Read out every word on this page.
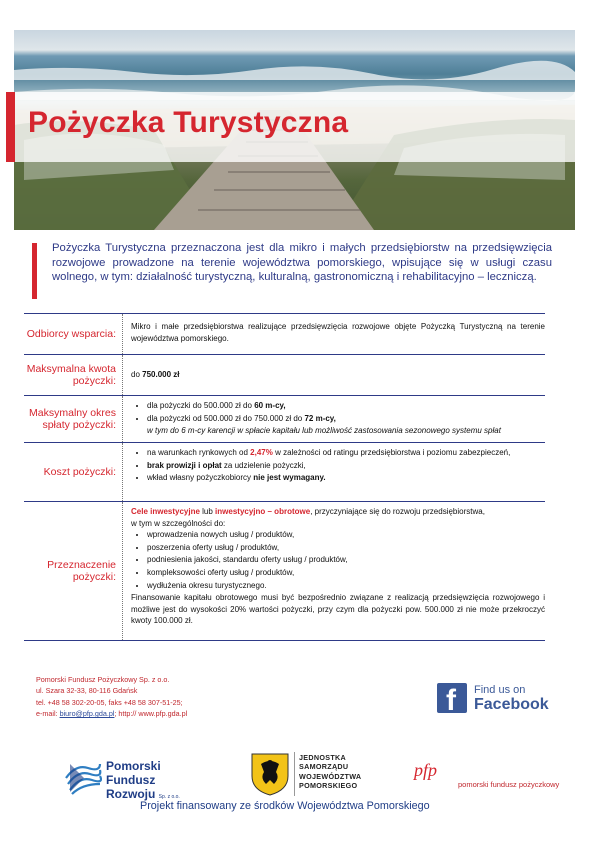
Pożyczka Turystyczna

Pożyczka Turystyczna przeznaczona jest dla mikro i małych przedsiębiorstw na przedsięwzięcia rozwojowe prowadzone na terenie województwa pomorskiego, wpisujące się w usługi czasu wolnego, w tym: działalność turystyczną, kulturalną, gastronomiczną i rehabilitacyjno – leczniczą.

Odbiorcy wsparcia:
Mikro i małe przedsiębiorstwa realizujące przedsięwzięcia rozwojowe objęte Pożyczką Turystyczną na terenie województwa pomorskiego.
Maksymalna kwota pożyczki:
do
750.000 zł
Maksymalny okres spłaty pożyczki:
• dla pożyczki do 500.000 zł do 60 m-cy,
• dla pożyczki od 500.000 zł do 750.000 zł do 72 m-cy,
w tym do 6 m-cy karencji w spłacie kapitału lub możliwość zastosowania sezonowego systemu spłat
Koszt pożyczki:
• na warunkach rynkowych od 2,47% w zależności od ratingu przedsiębiorstwa i poziomu zabezpieczeń,
• brak prowizji i opłat za udzielenie pożyczki,
• wkład własny pożyczkobiorcy nie jest wymagany.
Przeznaczenie pożyczki:
Cele inwestycyjne lub inwestycyjno – obrotowe, przyczyniające się do rozwoju przedsiębiorstwa,
w tym w szczególności do:
• wprowadzenia nowych usług / produktów,
• poszerzenia oferty usług / produktów,
• podniesienia jakości, standardu oferty usług / produktów,
• kompleksowości oferty usług / produktów,
• wydłużenia okresu turystycznego.
Finansowanie kapitału obrotowego musi być bezpośrednio związane z realizacją przedsięwzięcia rozwojowego i możliwe jest do wysokości 20% wartości pożyczki, przy czym dla pożyczki pow. 500.000 zł nie może przekroczyć kwoty 100.000 zł.
Pomorski Fundusz Pożyczkowy Sp. z o.o.
ul. Szara 32-33, 80-116 Gdańsk
tel. +48 58 302-20-05, faks +48 58 307-51-25;
e-mail: biuro@pfp.gda.pl; http:// www.pfp.gda.pl	f	Find us on
Facebook
Pomorski
Fundusz
Rozwoju Sp. z o.o.
JEDNOSTKA
SAMORZĄDU
WOJEWÓDZTWA
POMORSKIEGO
pfp
pomorski fundusz pożyczkowy
Projekt finansowany ze środków Województwa Pomorskiego
